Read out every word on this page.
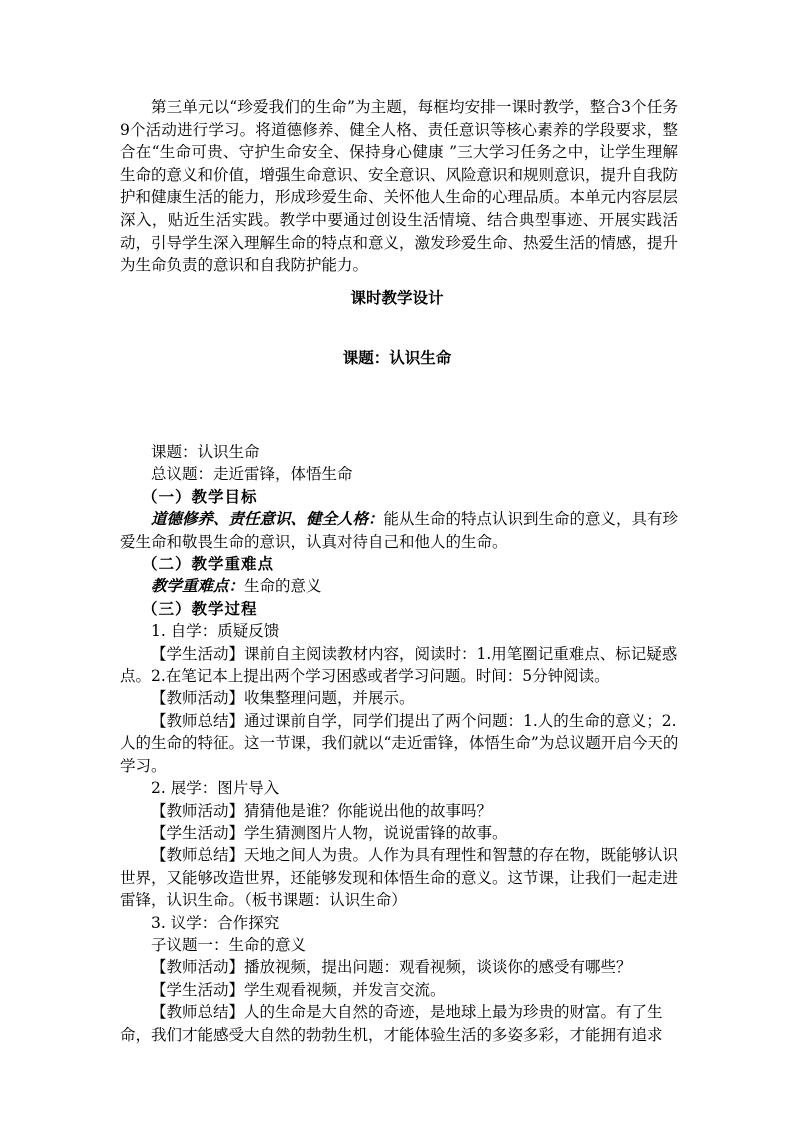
第三单元以“珍爱我们的生命”为主题，每框均安排一课时教学，整合3个任务9个活动进行学习。将道德修养、健全人格、责任意识等核心素养的学段要求，整合在“生命可贵、守护生命安全、保持身心健康 ”三大学习任务之中，让学生理解生命的意义和价值，增强生命意识、安全意识、风险意识和规则意识，提升自我防护和健康生活的能力，形成珍爱生命、关怀他人生命的心理品质。本单元内容层层深入，贴近生活实践。教学中要通过创设生活情境、结合典型事迹、开展实践活动，引导学生深入理解生命的特点和意义，激发珍爱生命、热爱生活的情感，提升为生命负责的意识和自我防护能力。

课时教学设计
课题：认识生命

课题：认识生命

总议题：走近雷锋，体悟生命

（一）教学目标

道德修养、责任意识、健全人格：能从生命的特点认识到生命的意义，具有珍爱生命和敬畏生命的意识，认真对待自己和他人的生命。

（二）教学重难点

教学重难点：生命的意义

（三）教学过程

1. 自学：质疑反馈

【学生活动】课前自主阅读教材内容，阅读时：1.用笔圈记重难点、标记疑惑点。2.在笔记本上提出两个学习困惑或者学习问题。时间：5分钟阅读。

【教师活动】收集整理问题，并展示。

【教师总结】通过课前自学，同学们提出了两个问题：1.人的生命的意义；2.人的生命的特征。这一节课，我们就以“走近雷锋，体悟生命”为总议题开启今天的学习。

2. 展学：图片导入

【教师活动】猜猜他是谁？你能说出他的故事吗？

【学生活动】学生猜测图片人物，说说雷锋的故事。

【教师总结】天地之间人为贵。人作为具有理性和智慧的存在物，既能够认识世界，又能够改造世界，还能够发现和体悟生命的意义。这节课，让我们一起走进雷锋，认识生命。（板书课题：认识生命）

3. 议学：合作探究

子议题一：生命的意义

【教师活动】播放视频，提出问题：观看视频，谈谈你的感受有哪些？

【学生活动】学生观看视频，并发言交流。

【教师总结】人的生命是大自然的奇迹，是地球上最为珍贵的财富。有了生命，我们才能感受大自然的勃勃生机，才能体验生活的多姿多彩，才能拥有追求
